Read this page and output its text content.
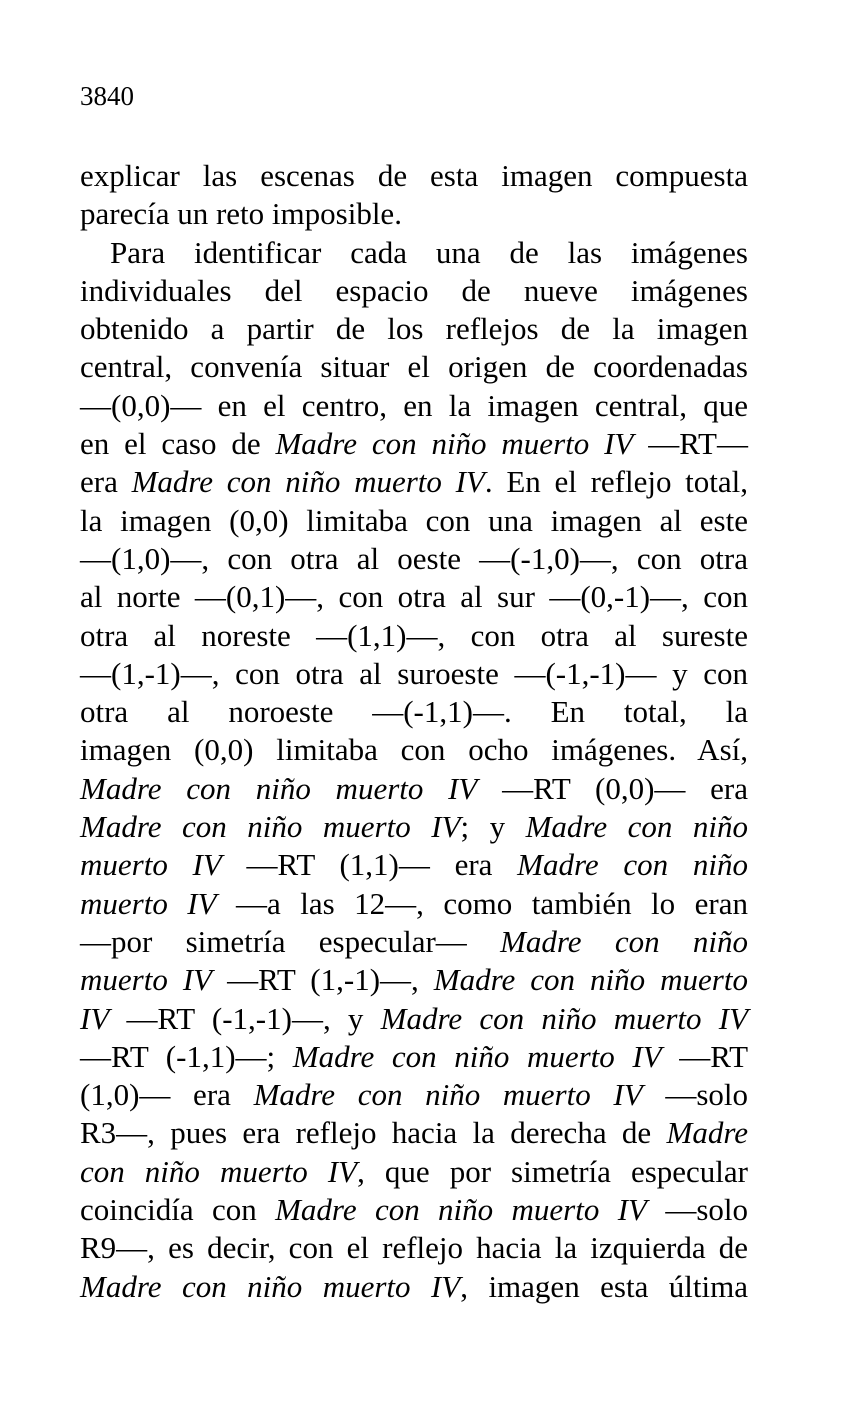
3840
explicar las escenas de esta imagen compuesta
parecía un reto imposible.
Para identificar cada una de las imágenes
individuales del espacio de nueve imágenes
obtenido a partir de los reflejos de la imagen
central, convenía situar el origen de coordenadas
—(0,0)— en el centro, en la imagen central, que
en el caso de Madre con niño muerto IV —RT—
era Madre con niño muerto IV. En el reflejo total,
la imagen (0,0) limitaba con una imagen al este
—(1,0)—, con otra al oeste —(-1,0)—, con otra
al norte —(0,1)—, con otra al sur —(0,-1)—, con
otra al noreste —(1,1)—, con otra al sureste
—(1,-1)—, con otra al suroeste —(-1,-1)— y con
otra al noroeste —(-1,1)—. En total, la
imagen (0,0) limitaba con ocho imágenes. Así,
Madre con niño muerto IV —RT (0,0)— era
Madre con niño muerto IV; y Madre con niño
muerto IV —RT (1,1)— era Madre con niño
muerto IV —a las 12—, como también lo eran
—por simetría especular— Madre con niño
muerto IV —RT (1,-1)—, Madre con niño muerto
IV —RT (-1,-1)—, y Madre con niño muerto IV
—RT (-1,1)—; Madre con niño muerto IV —RT
(1,0)— era Madre con niño muerto IV —solo
R3—, pues era reflejo hacia la derecha de Madre
con niño muerto IV, que por simetría especular
coincidía con Madre con niño muerto IV —solo
R9—, es decir, con el reflejo hacia la izquierda de
Madre con niño muerto IV, imagen esta última
